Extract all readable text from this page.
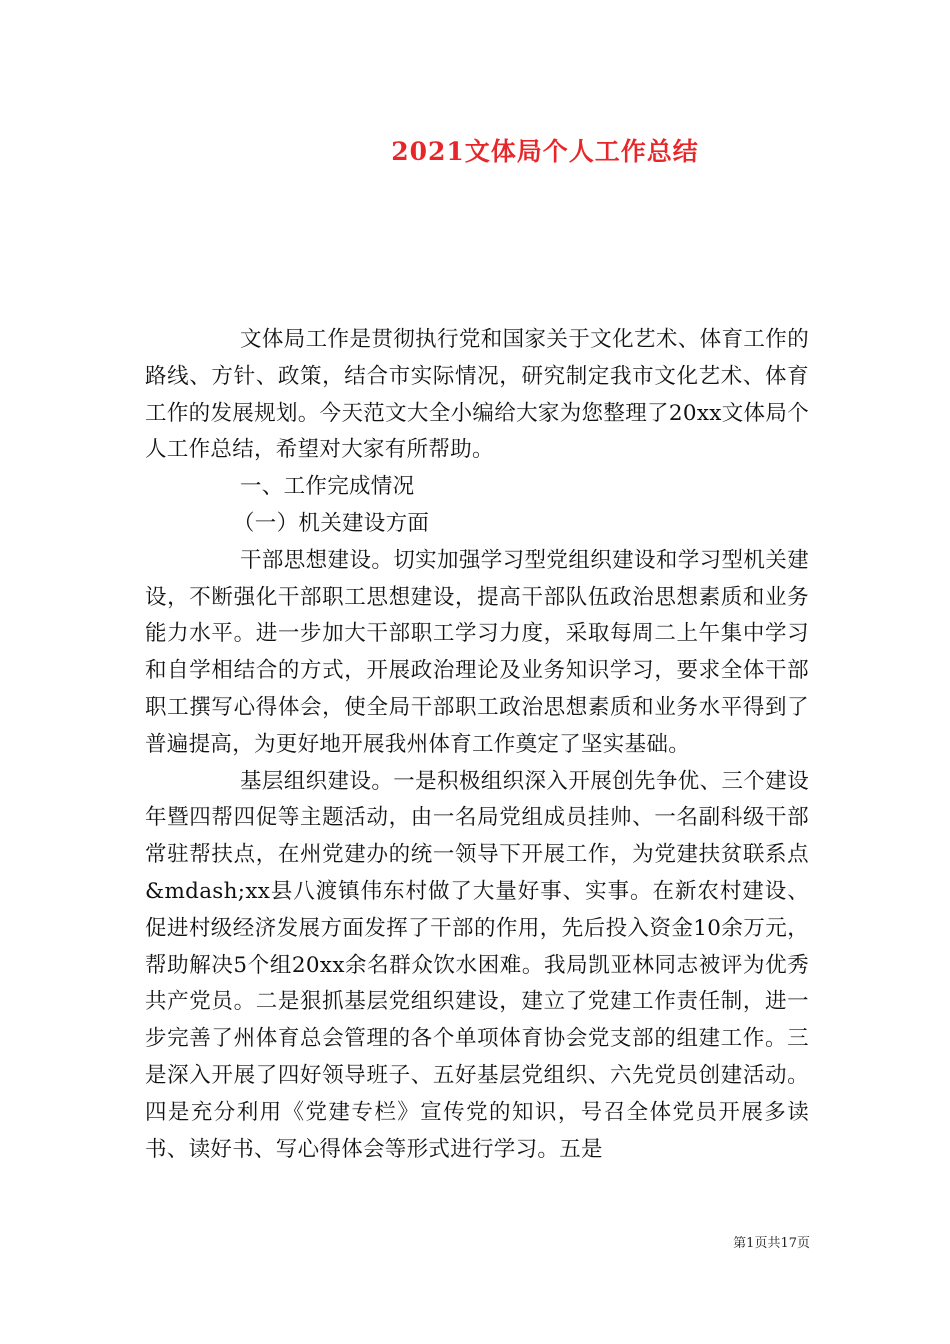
2021文体局个人工作总结

文体局工作是贯彻执行党和国家关于文化艺术、体育工作的路线、方针、政策，结合市实际情况，研究制定我市文化艺术、体育工作的发展规划。今天范文大全小编给大家为您整理了20xx文体局个人工作总结，希望对大家有所帮助。

一、工作完成情况

（一）机关建设方面

干部思想建设。切实加强学习型党组织建设和学习型机关建设，不断强化干部职工思想建设，提高干部队伍政治思想素质和业务能力水平。进一步加大干部职工学习力度，采取每周二上午集中学习和自学相结合的方式，开展政治理论及业务知识学习，要求全体干部职工撰写心得体会，使全局干部职工政治思想素质和业务水平得到了普遍提高，为更好地开展我州体育工作奠定了坚实基础。

基层组织建设。一是积极组织深入开展创先争优、三个建设年暨四帮四促等主题活动，由一名局党组成员挂帅、一名副科级干部常驻帮扶点，在州党建办的统一领导下开展工作，为党建扶贫联系点&mdash;xx县八渡镇伟东村做了大量好事、实事。在新农村建设、促进村级经济发展方面发挥了干部的作用，先后投入资金10余万元，帮助解决5个组20xx余名群众饮水困难。我局凯亚林同志被评为优秀共产党员。二是狠抓基层党组织建设，建立了党建工作责任制，进一步完善了州体育总会管理的各个单项体育协会党支部的组建工作。三是深入开展了四好领导班子、五好基层党组织、六先党员创建活动。四是充分利用《党建专栏》宣传党的知识，号召全体党员开展多读书、读好书、写心得体会等形式进行学习。五是

第1页共17页
